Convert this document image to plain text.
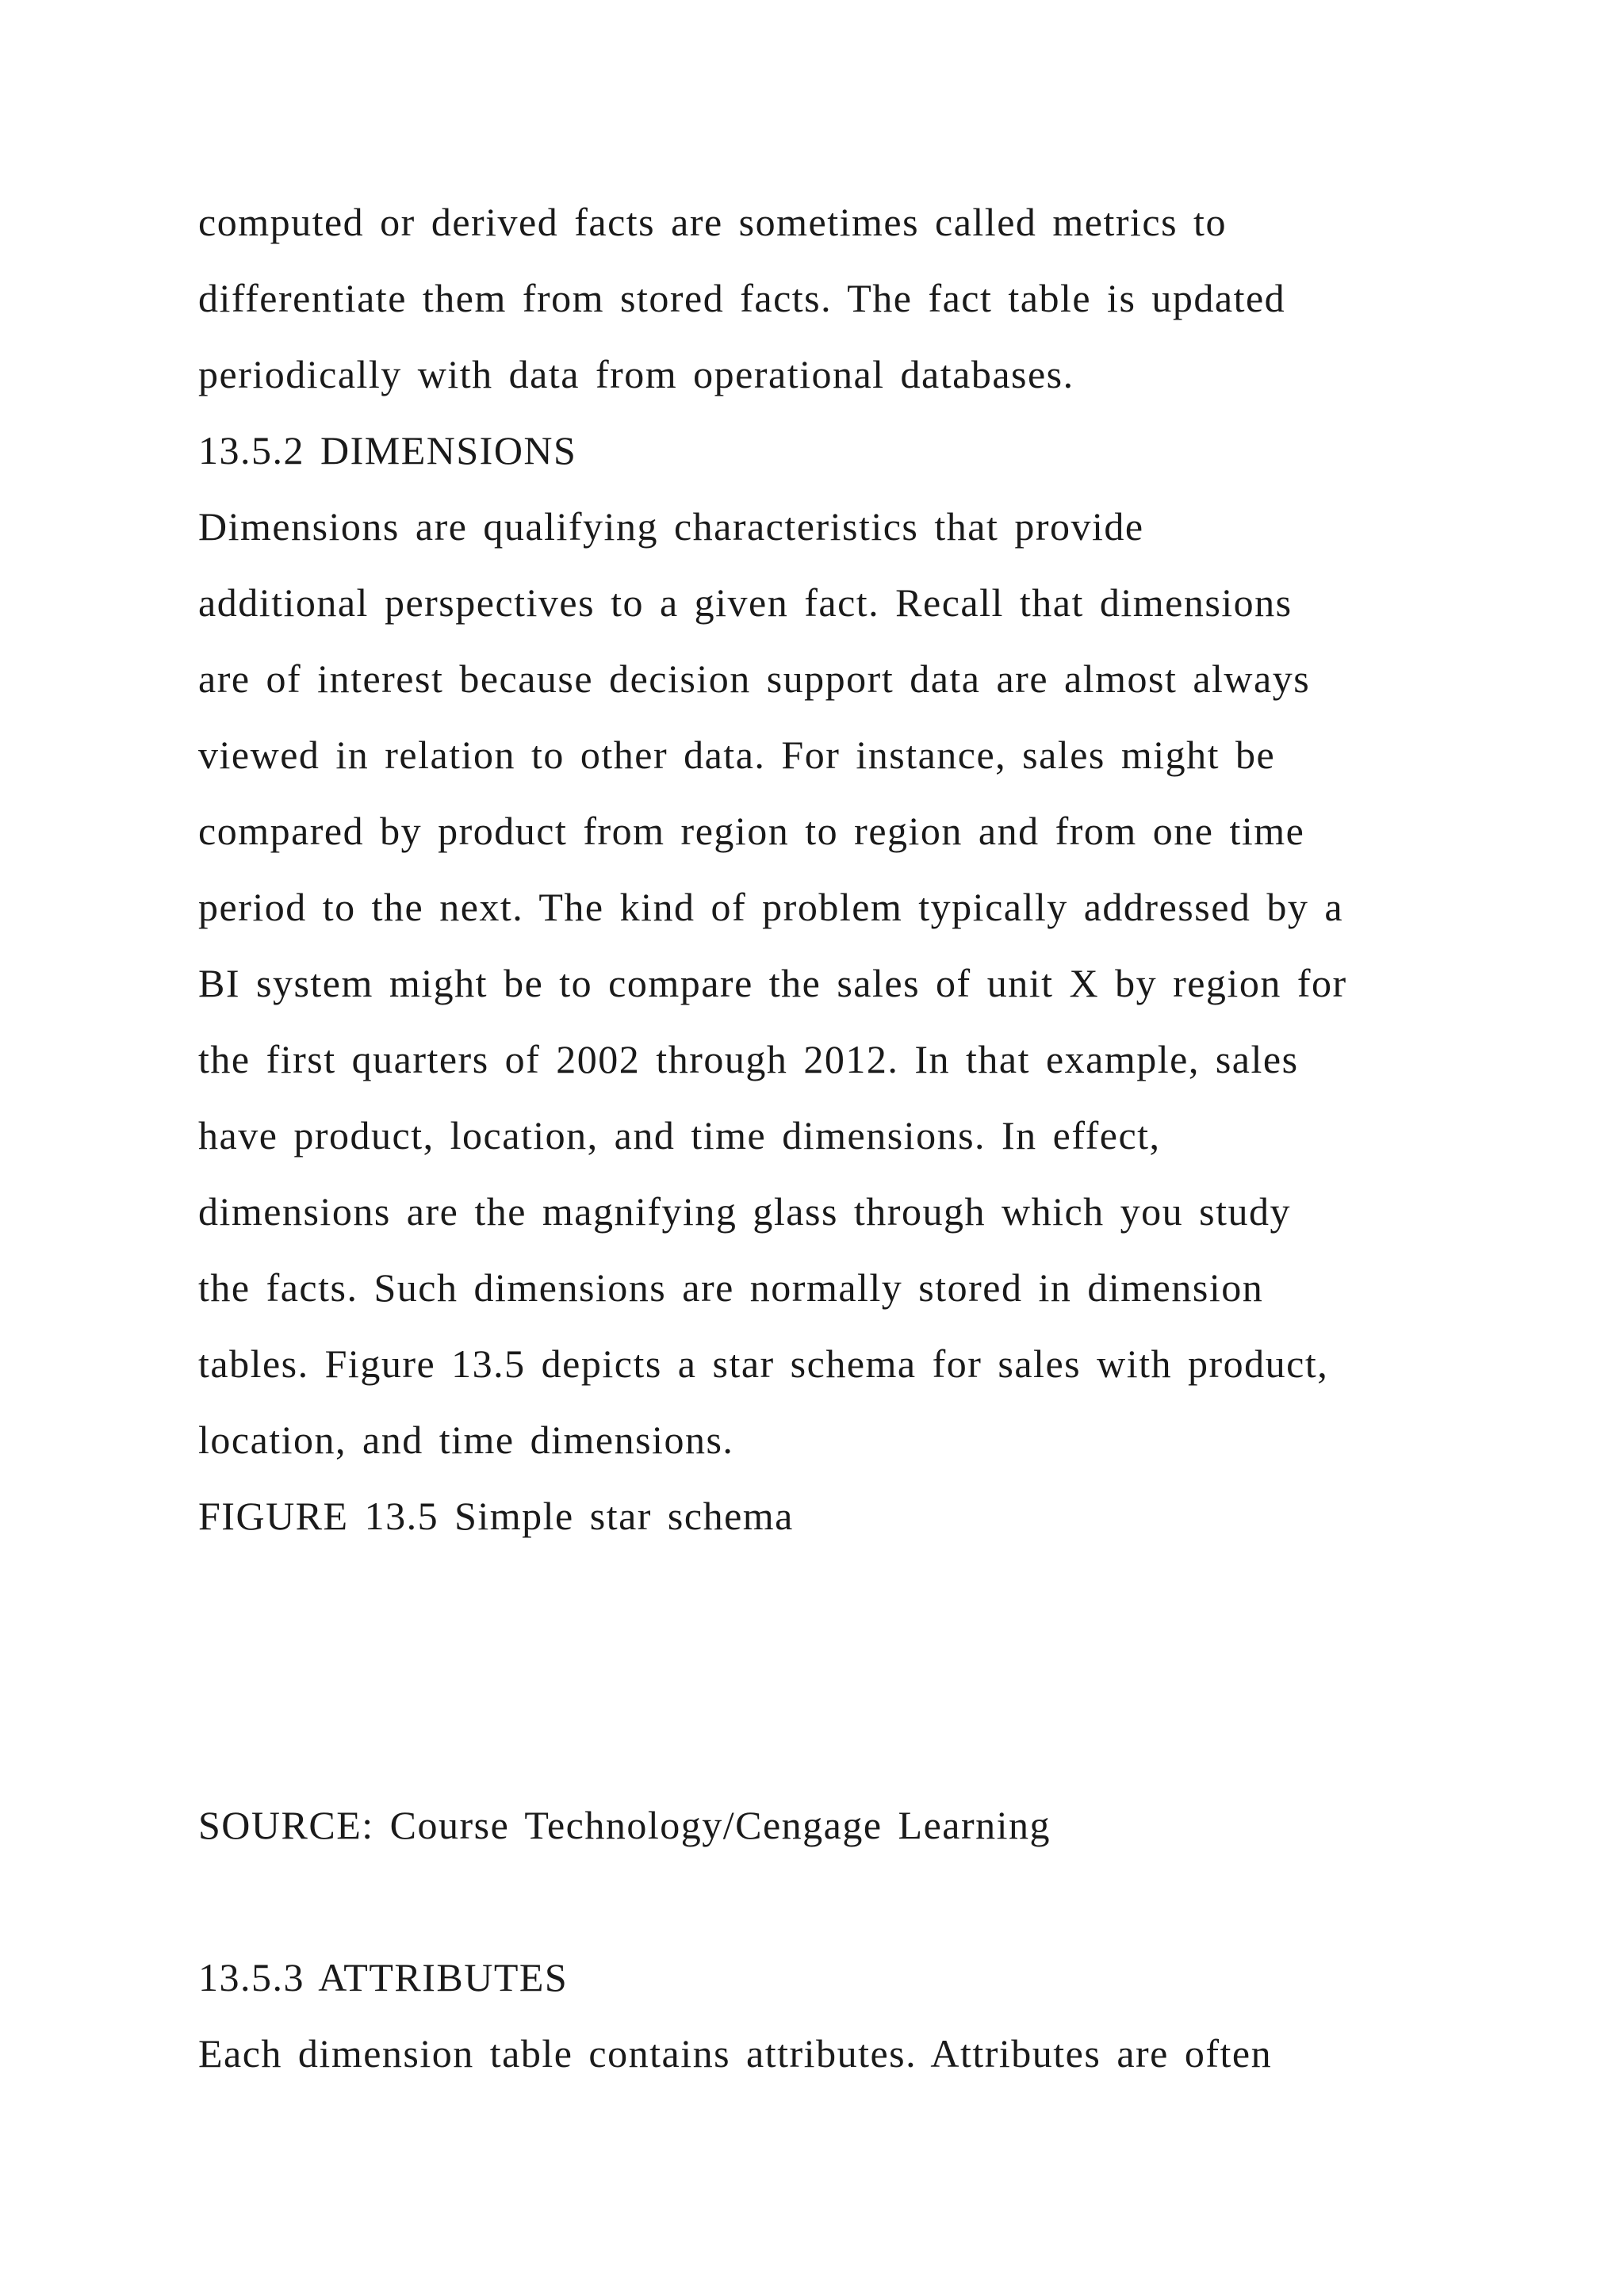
computed or derived facts are sometimes called metrics to
differentiate them from stored facts. The fact table is updated
periodically with data from operational databases.
13.5.2 DIMENSIONS
Dimensions are qualifying characteristics that provide
additional perspectives to a given fact. Recall that dimensions
are of interest because decision support data are almost always
viewed in relation to other data. For instance, sales might be
compared by product from region to region and from one time
period to the next. The kind of problem typically addressed by a
BI system might be to compare the sales of unit X by region for
the first quarters of 2002 through 2012. In that example, sales
have product, location, and time dimensions. In effect,
dimensions are the magnifying glass through which you study
the facts. Such dimensions are normally stored in dimension
tables. Figure 13.5 depicts a star schema for sales with product,
location, and time dimensions.
FIGURE 13.5 Simple star schema
SOURCE: Course Technology/Cengage Learning
13.5.3 ATTRIBUTES
Each dimension table contains attributes. Attributes are often
